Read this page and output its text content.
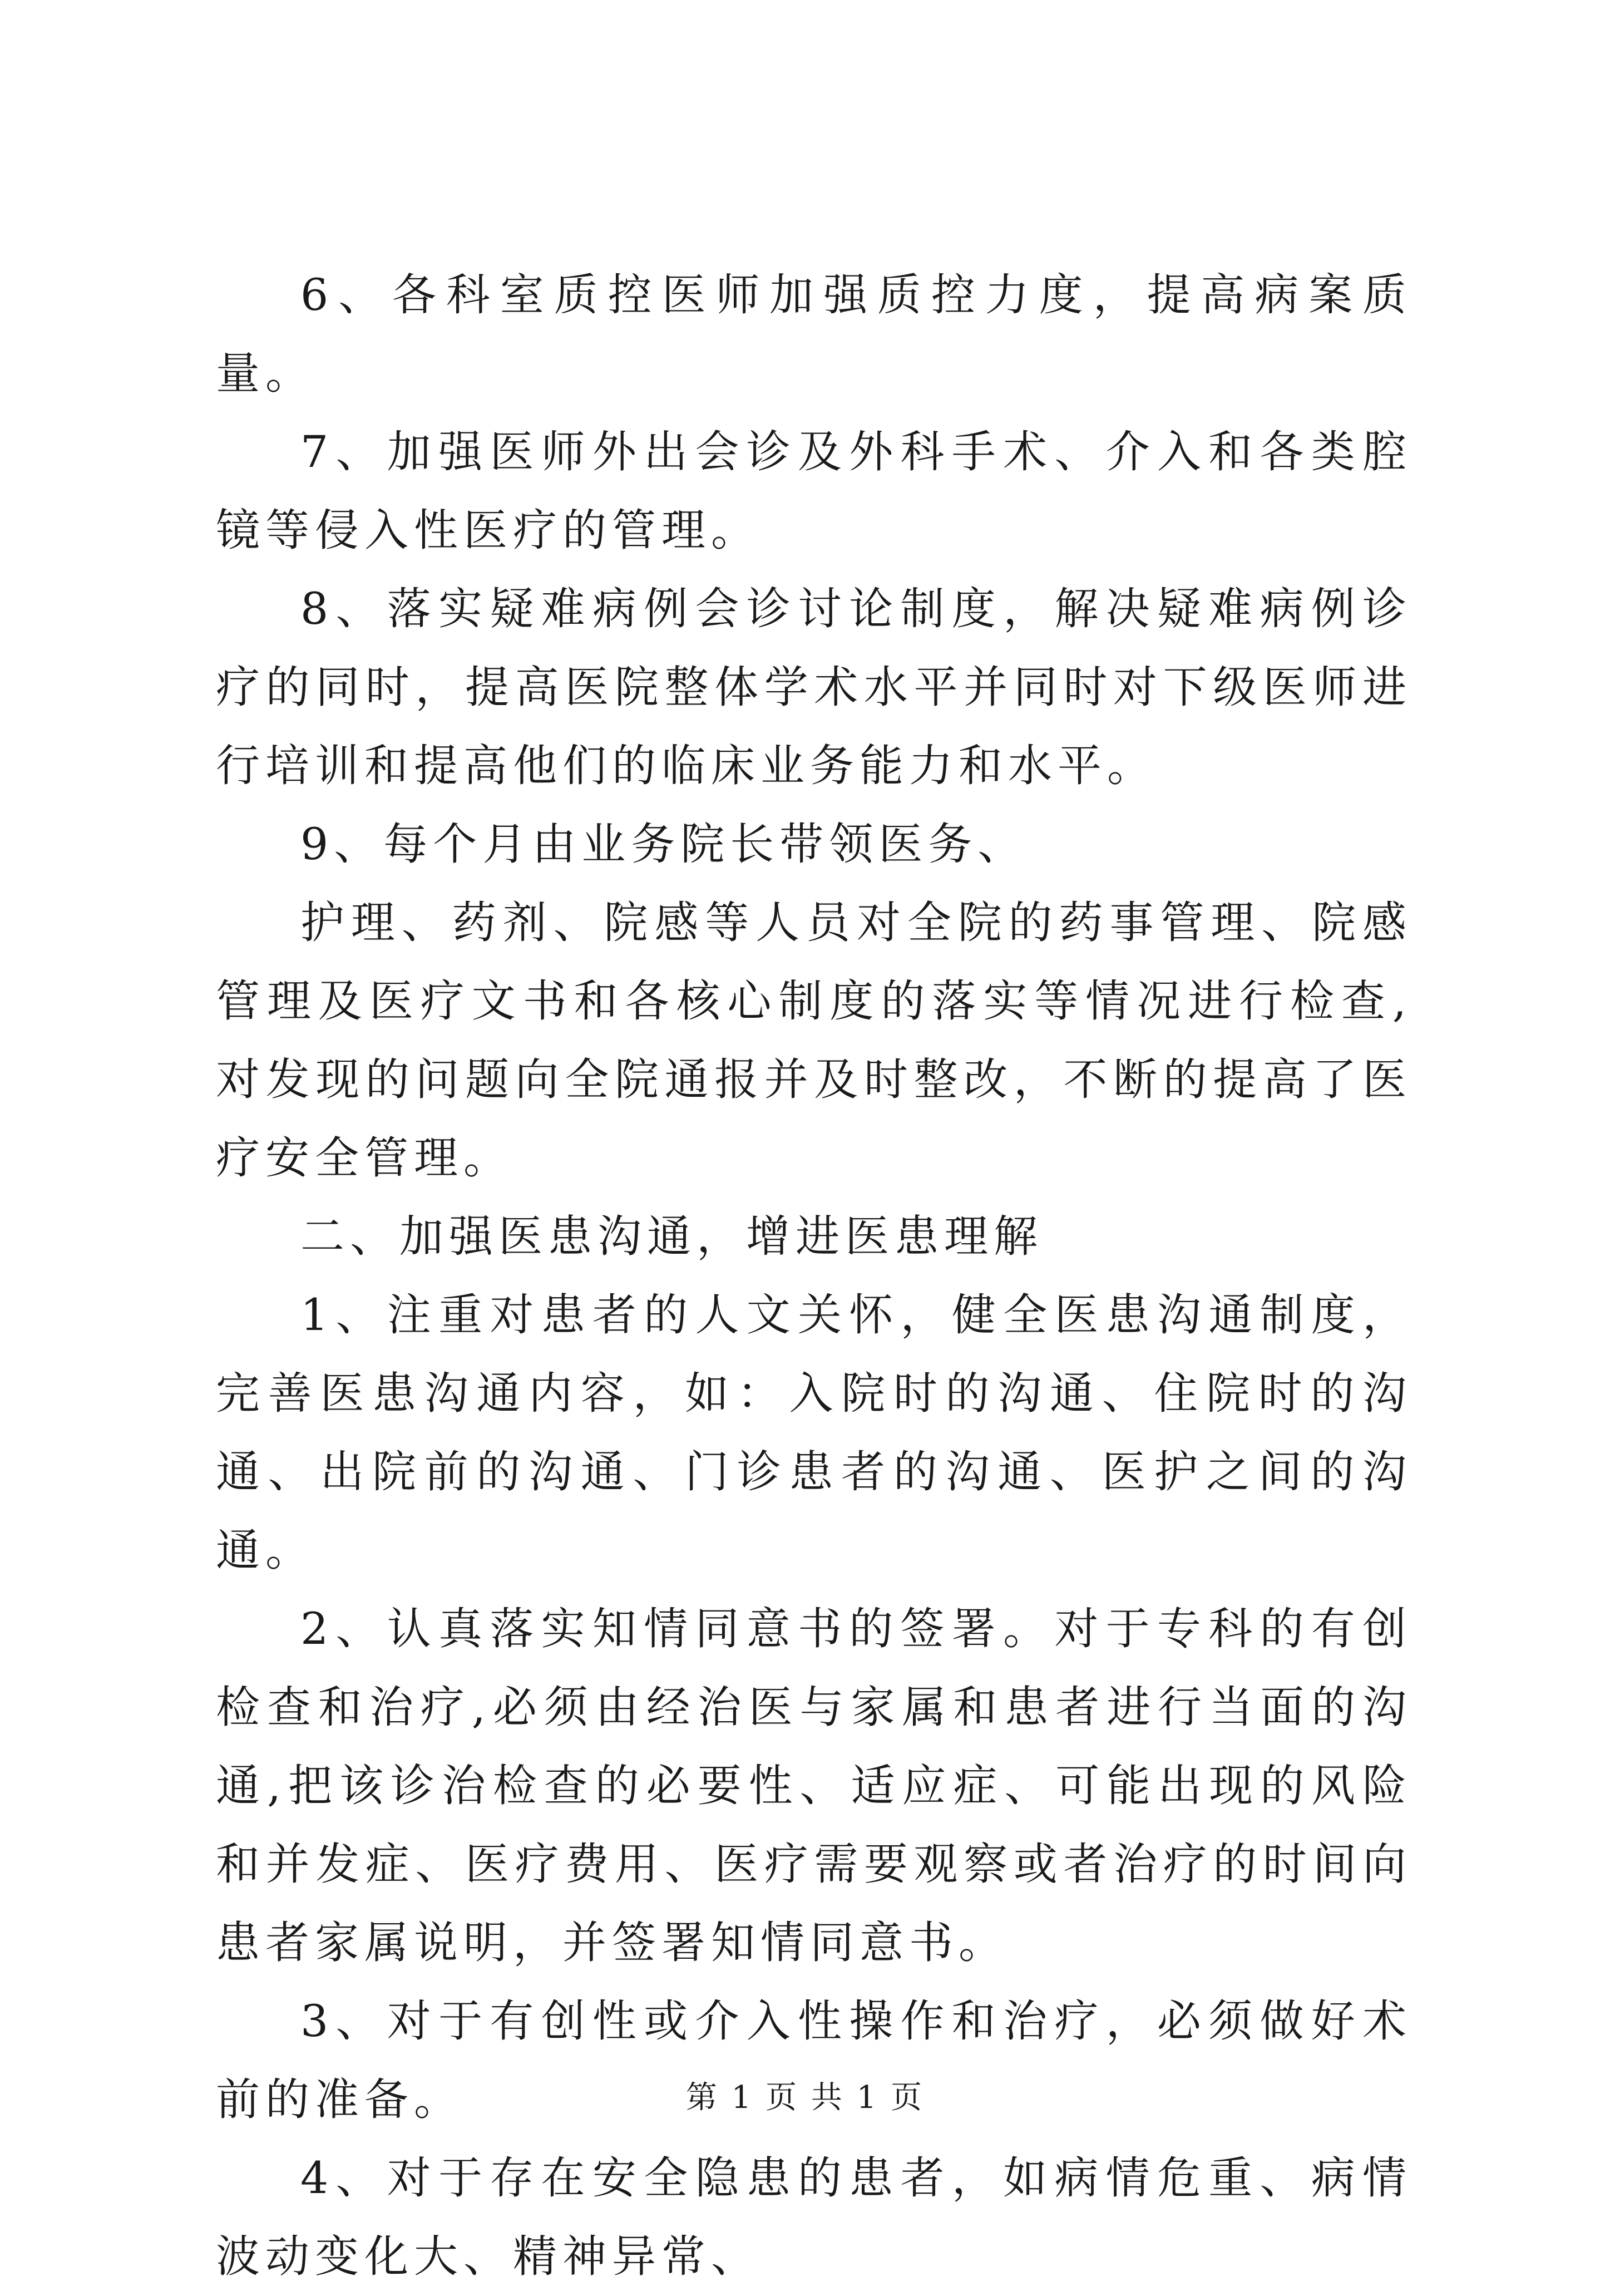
6、各科室质控医师加强质控力度，提高病案质量。

7、加强医师外出会诊及外科手术、介入和各类腔镜等侵入性医疗的管理。

8、落实疑难病例会诊讨论制度，解决疑难病例诊疗的同时，提高医院整体学术水平并同时对下级医师进行培训和提高他们的临床业务能力和水平。

9、每个月由业务院长带领医务、

护理、药剂、院感等人员对全院的药事管理、院感管理及医疗文书和各核心制度的落实等情况进行检查,对发现的问题向全院通报并及时整改，不断的提高了医疗安全管理。

二、加强医患沟通，增进医患理解

1、注重对患者的人文关怀，健全医患沟通制度，完善医患沟通内容，如：入院时的沟通、住院时的沟通、出院前的沟通、门诊患者的沟通、医护之间的沟通。

2、认真落实知情同意书的签署。对于专科的有创检查和治疗,必须由经治医与家属和患者进行当面的沟通,把该诊治检查的必要性、适应症、可能出现的风险和并发症、医疗费用、医疗需要观察或者治疗的时间向患者家属说明，并签署知情同意书。

3、对于有创性或介入性操作和治疗，必须做好术前的准备。

4、对于存在安全隐患的患者，如病情危重、病情波动变化大、精神异常、

第 1 页 共 1 页
